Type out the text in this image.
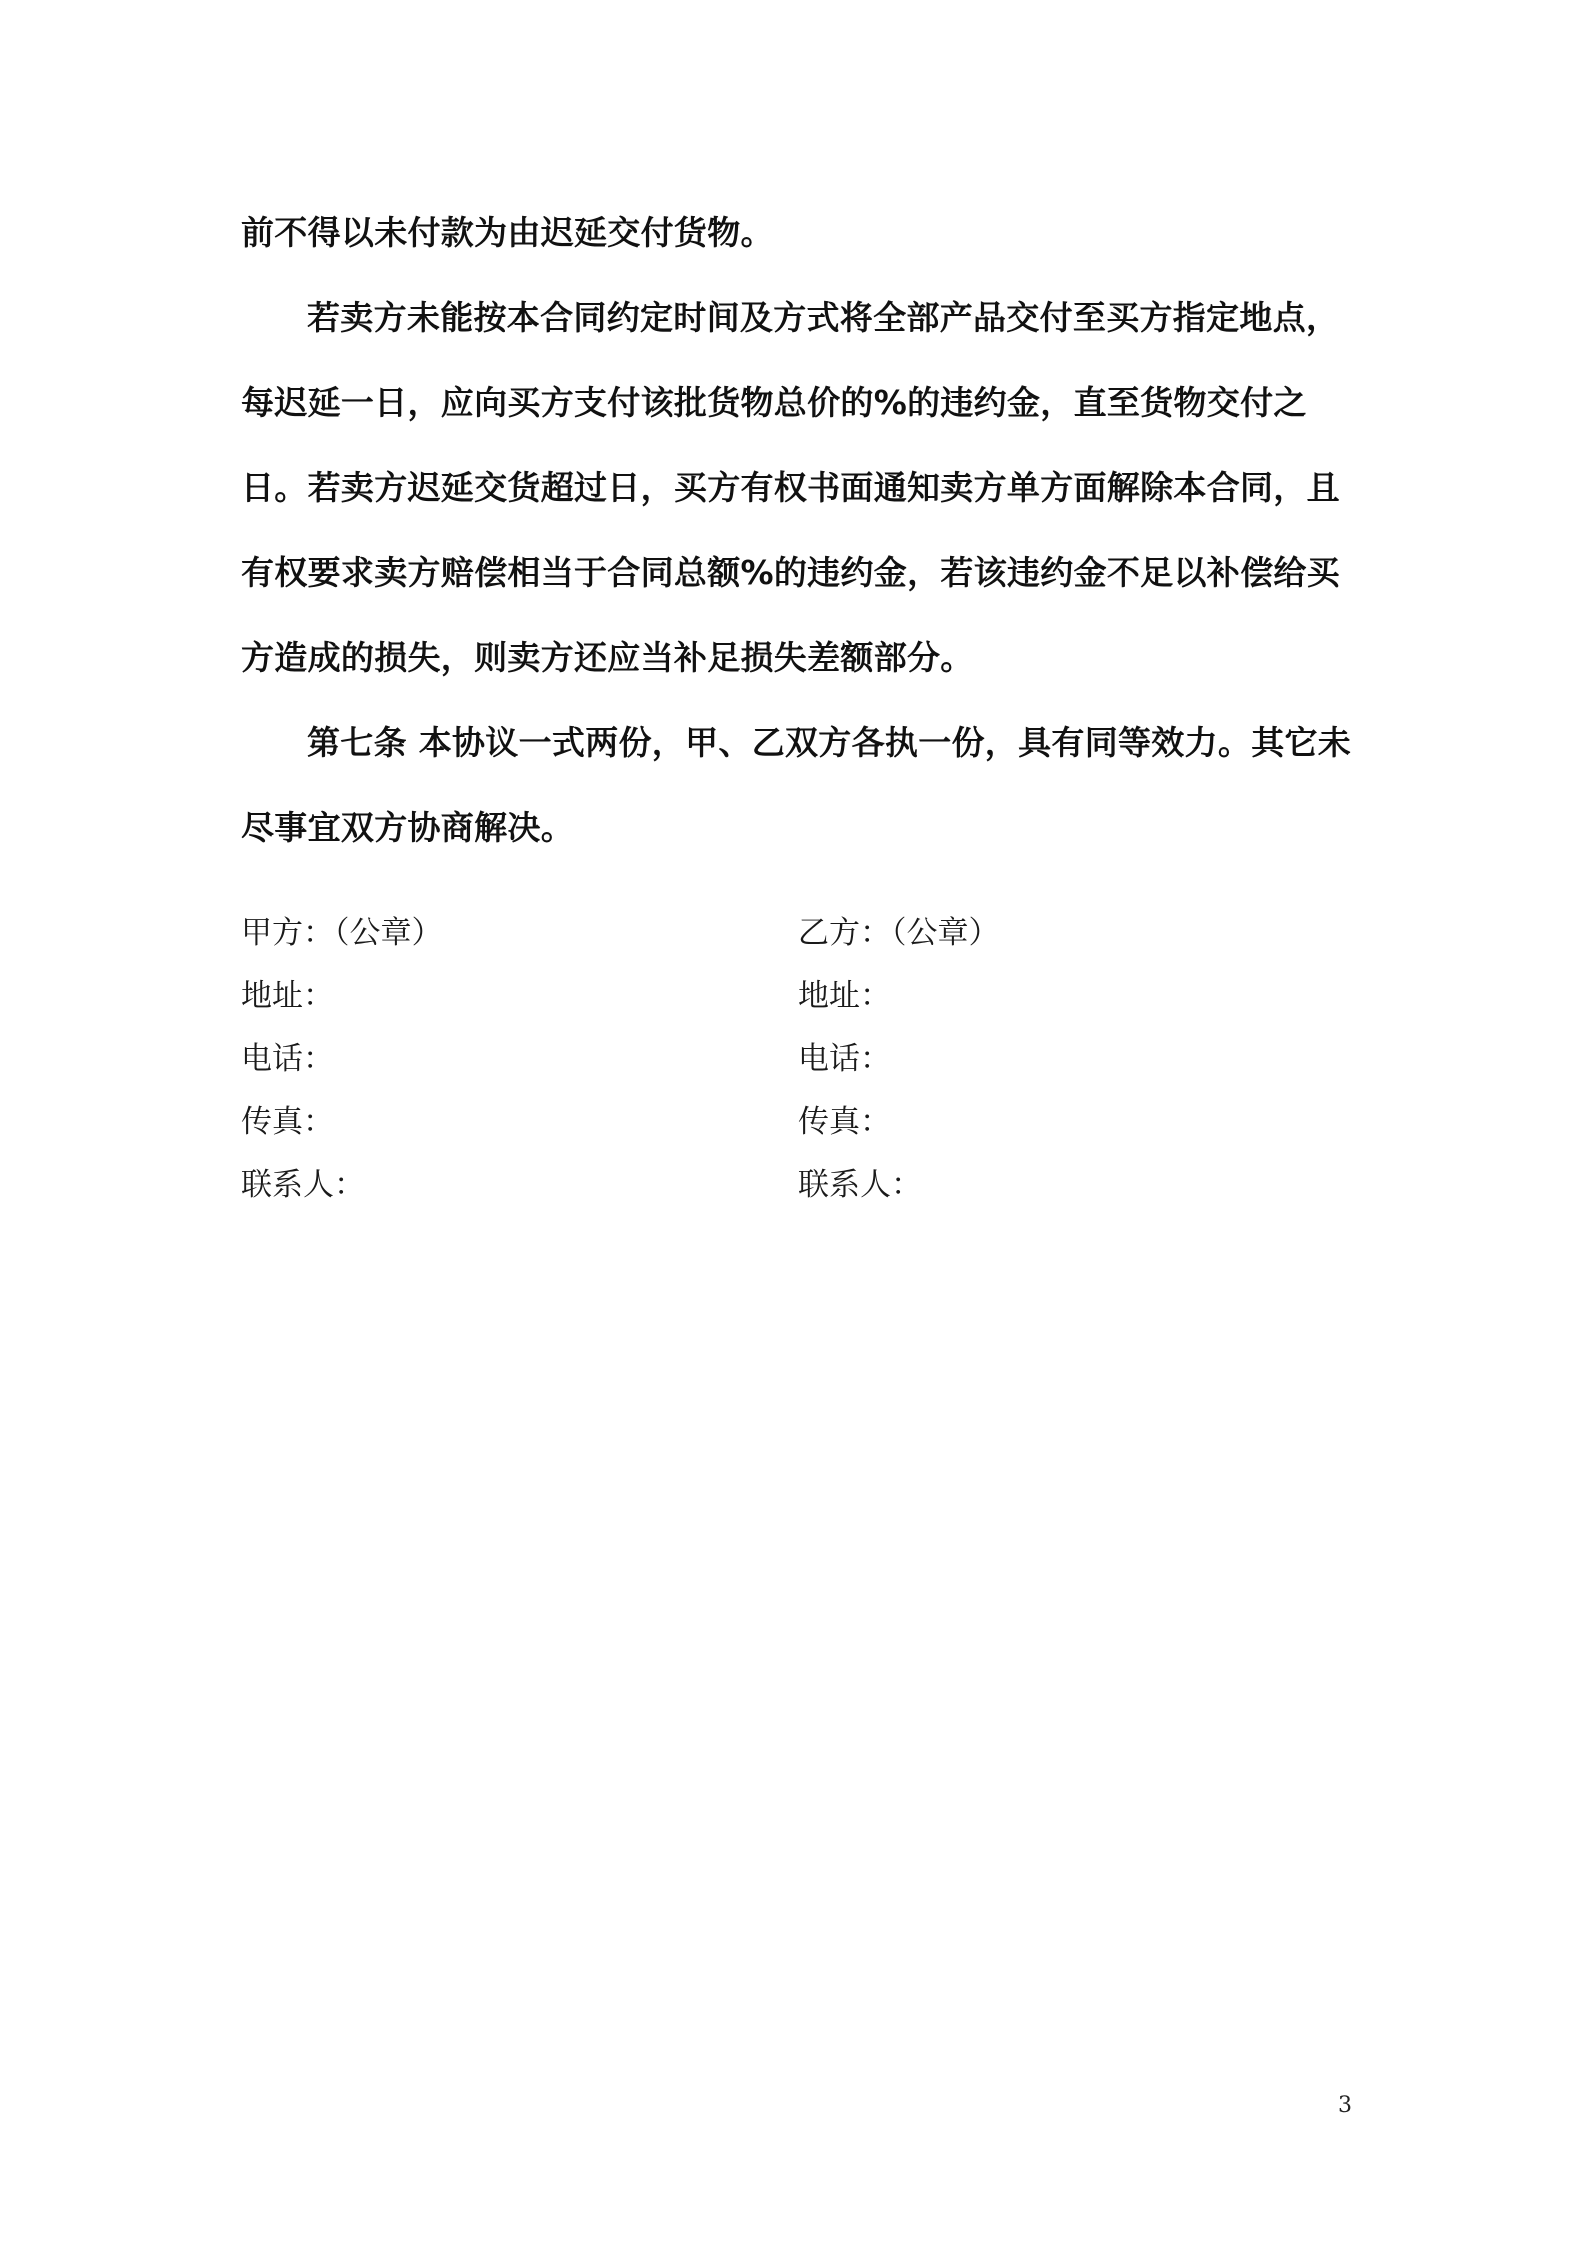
前不得以未付款为由迟延交付货物。

若卖方未能按本合同约定时间及方式将全部产品交付至买方指定地点，每迟延一日，应向买方支付该批货物总价的%的违约金，直至货物交付之日。若卖方迟延交货超过日，买方有权书面通知卖方单方面解除本合同，且有权要求卖方赔偿相当于合同总额%的违约金，若该违约金不足以补偿给买方造成的损失，则卖方还应当补足损失差额部分。

第七条 本协议一式两份，甲、乙双方各执一份，具有同等效力。其它未尽事宜双方协商解决。

甲方：（公章）
地址：
电话：
传真：
联系人：
乙方：（公章）
地址：
电话：
传真：
联系人：
3
